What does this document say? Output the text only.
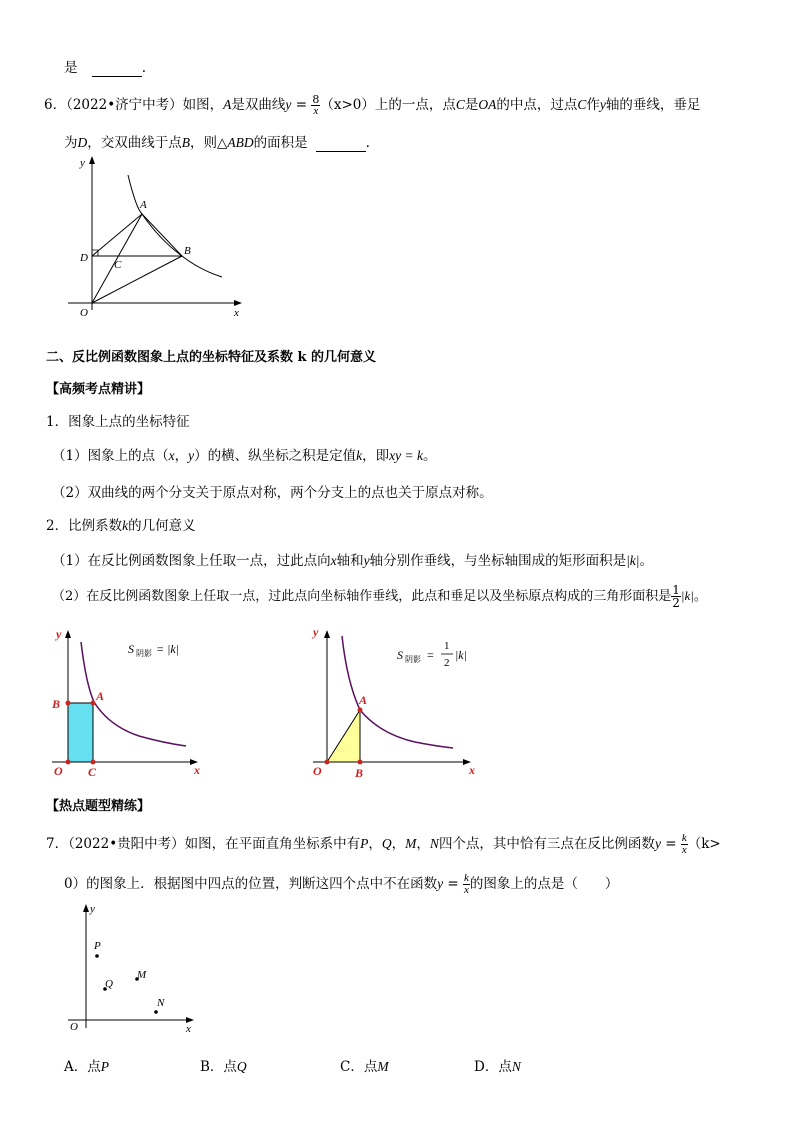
是	.
6．（2022•济宁中考）如图，A是双曲线$y = \frac{8}{x} (x>0)$上的一点，点C是OA的中点，过点C作y轴的垂线，垂足
为D，交双曲线于点B，则△ABD的面积是	.
y
x
O
A
B
C
D
二、反比例函数图象上点的坐标特征及系数 k 的几何意义
【高频考点精讲】
1．图象上点的坐标特征
（1）图象上的点（x，y）的横、纵坐标之积是定值k，即xy = k。
（2）双曲线的两个分支关于原点对称，两个分支上的点也关于原点对称。
2．比例系数k的几何意义
（1）在反比例函数图象上任取一点，过此点向x轴和y轴分别作垂线，与坐标轴围成的矩形面积是|k|。
（2）在反比例函数图象上任取一点，过此点向坐标轴作垂线，此点和垂足以及坐标原点构成的三角形面积是 $\frac{1}{2} |k|$。
y
x
O
B
A
C
S 阴影 = |k|
y
x
O
A
B
S 阴影 =
1
2
|k|
【热点题型精练】
7．（2022•贵阳中考）如图，在平面直角坐标系中有P，Q，M，N四个点，其中恰有三点在反比例函数$y = \frac{k}{x} (k>$
0）的图象上．根据图中四点的位置，判断这四个点中不在函数$y = \frac{k}{x}$ 的图象上的点是（　　）
y
x
O
P
Q
M
N
A．点P	B．点Q	C．点M	D．点N
